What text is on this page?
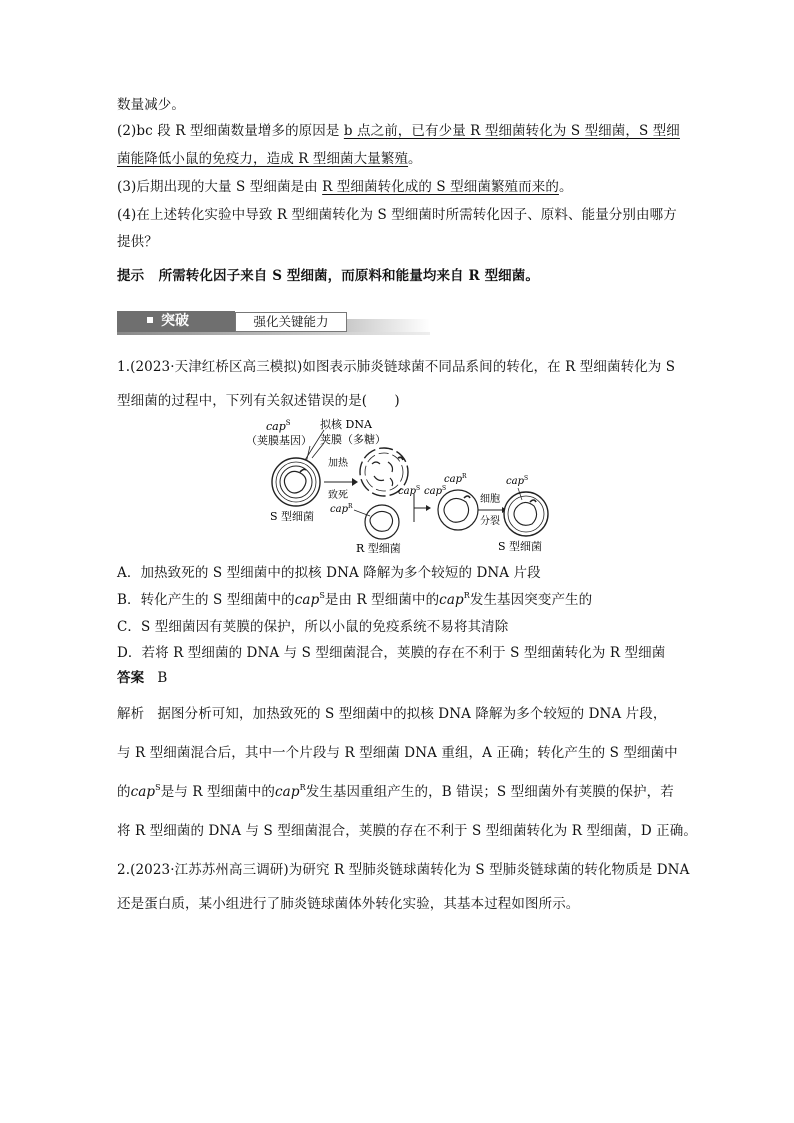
数量减少。
(2)bc 段 R 型细菌数量增多的原因是 b 点之前，已有少量 R 型细菌转化为 S 型细菌，S 型细
菌能降低小鼠的免疫力，造成 R 型细菌大量繁殖。
(3)后期出现的大量 S 型细菌是由 R 型细菌转化成的 S 型细菌繁殖而来的。
(4)在上述转化实验中导致 R 型细菌转化为 S 型细菌时所需转化因子、原料、能量分别由哪方
提供？
提示 所需转化因子来自 S 型细菌，而原料和能量均来自 R 型细菌。
突破	强化关键能力
1.(2023·天津红桥区高三模拟)如图表示肺炎链球菌不同品系间的转化，在 R 型细菌转化为 S
型细菌的过程中，下列有关叙述错误的是(　　)
cap$^S$
（荚膜基因）
拟核 DNA
荚膜（多糖）
S 型细菌
加热
致死	cap$^S$
cap$^R$
R 型细菌
cap$^S$
cap$^R$
细胞
分裂
cap$^S$
S 型细菌
A．加热致死的 S 型细菌中的拟核 DNA 降解为多个较短的 DNA 片段
B．转化产生的 S 型细菌中的cap$^S$是由 R 型细菌中的cap$^R$发生基因突变产生的
C．S 型细菌因有荚膜的保护，所以小鼠的免疫系统不易将其清除
D．若将 R 型细菌的 DNA 与 S 型细菌混合，荚膜的存在不利于 S 型细菌转化为 R 型细菌
答案 B
解析 据图分析可知，加热致死的 S 型细菌中的拟核 DNA 降解为多个较短的 DNA 片段，
与 R 型细菌混合后，其中一个片段与 R 型细菌 DNA 重组，A 正确；转化产生的 S 型细菌中
的cap$^S$是与 R 型细菌中的cap$^R$发生基因重组产生的，B 错误；S 型细菌外有荚膜的保护，若
将 R 型细菌的 DNA 与 S 型细菌混合，荚膜的存在不利于 S 型细菌转化为 R 型细菌，D 正确。
2.(2023·江苏苏州高三调研)为研究 R 型肺炎链球菌转化为 S 型肺炎链球菌的转化物质是 DNA
还是蛋白质，某小组进行了肺炎链球菌体外转化实验，其基本过程如图所示。
